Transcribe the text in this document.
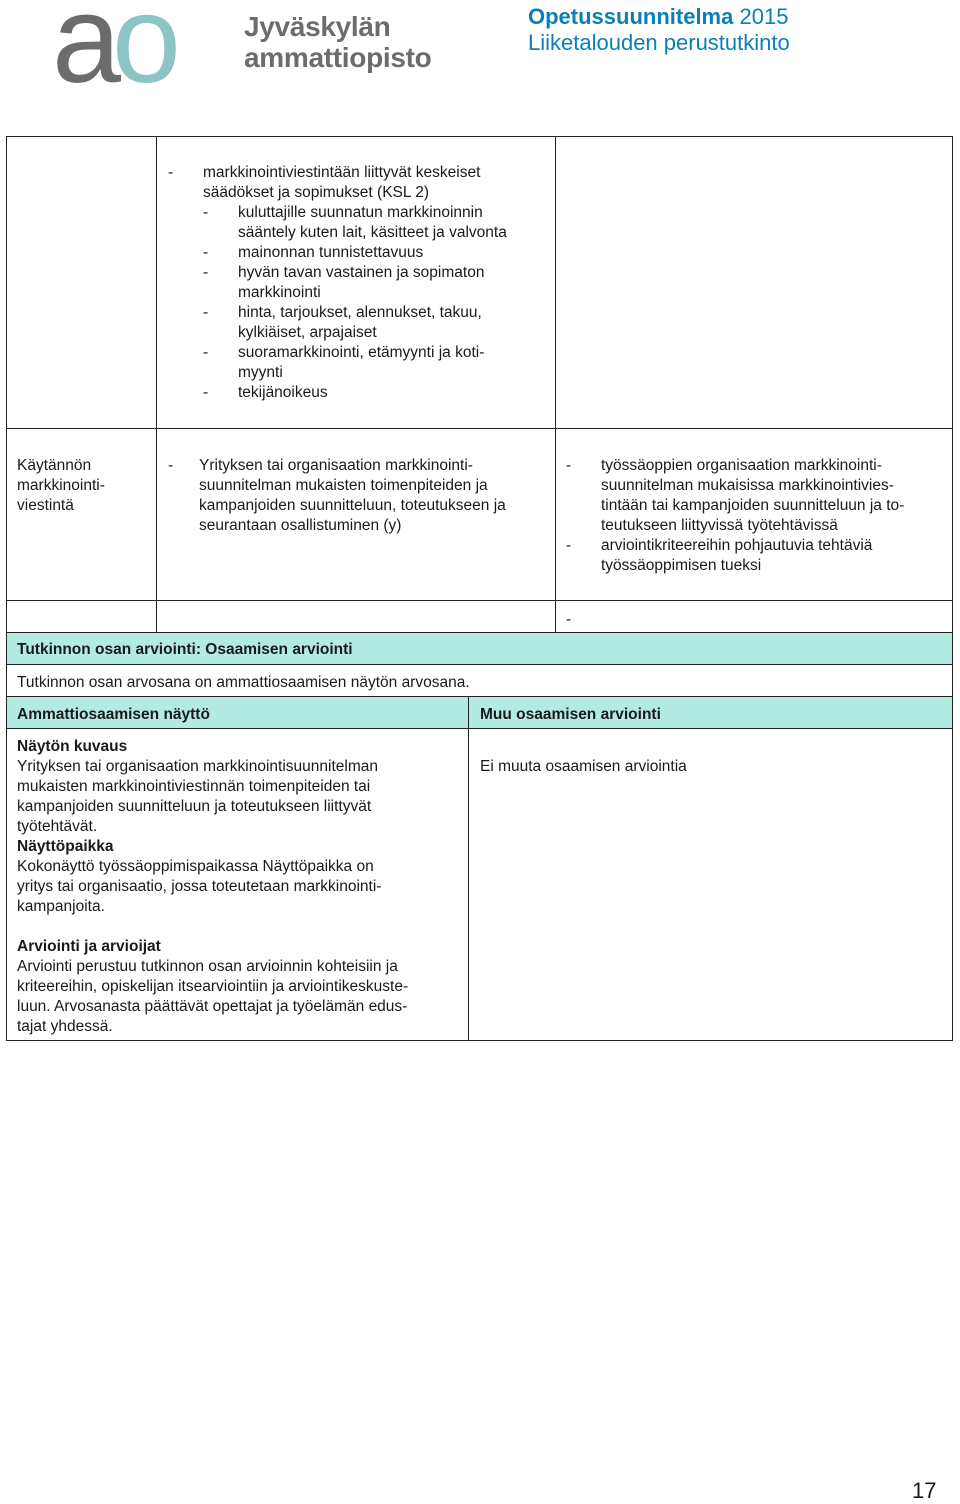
a
o Jyväskylän
ammattiopisto
Opetussuunnitelma 2015
Liiketalouden perustutkinto
- markkinointiviestintään liittyvät keskeiset
säädökset ja sopimukset (KSL 2)
- kuluttajille suunnatun markkinoinnin
sääntely kuten lait, käsitteet ja valvonta
- mainonnan tunnistettavuus
- hyvän tavan vastainen ja sopimaton
markkinointi
- hinta, tarjoukset, alennukset, takuu,
kylkiäiset, arpajaiset
- suoramarkkinointi, etämyynti ja koti-
myynti
- tekijänoikeus
Käytännön
markkinointi-
viestintä
- Yrityksen tai organisaation markkinointi-
suunnitelman mukaisten toimenpiteiden ja
kampanjoiden suunnitteluun, toteutukseen ja
seurantaan osallistuminen (y)
- työssäoppien organisaation markkinointi-
suunnitelman mukaisissa markkinointivies-
tintään tai kampanjoiden suunnitteluun ja to-
teutukseen liittyvissä työtehtävissä
- arviointikriteereihin pohjautuvia tehtäviä
työssäoppimisen tueksi
-
Tutkinnon osan arviointi: Osaamisen arviointi
Tutkinnon osan arvosana on ammattiosaamisen näytön arvosana.
Ammattiosaamisen näyttö	Muu osaamisen arviointi
Näytön kuvaus
Yrityksen tai organisaation markkinointisuunnitelman
mukaisten markkinointiviestinnän toimenpiteiden tai
kampanjoiden suunnitteluun ja toteutukseen liittyvät
työtehtävät.
Näyttöpaikka
Kokonäyttö työssäoppimispaikassa Näyttöpaikka on
yritys tai organisaatio, jossa toteutetaan markkinointi-
kampanjoita.
Arviointi ja arvioijat
Arviointi perustuu tutkinnon osan arvioinnin kohteisiin ja
kriteereihin, opiskelijan itsearviointiin ja arviointikeskuste-
luun. Arvosanasta päättävät opettajat ja työelämän edus-
tajat yhdessä.
Ei muuta osaamisen arviointia
17
